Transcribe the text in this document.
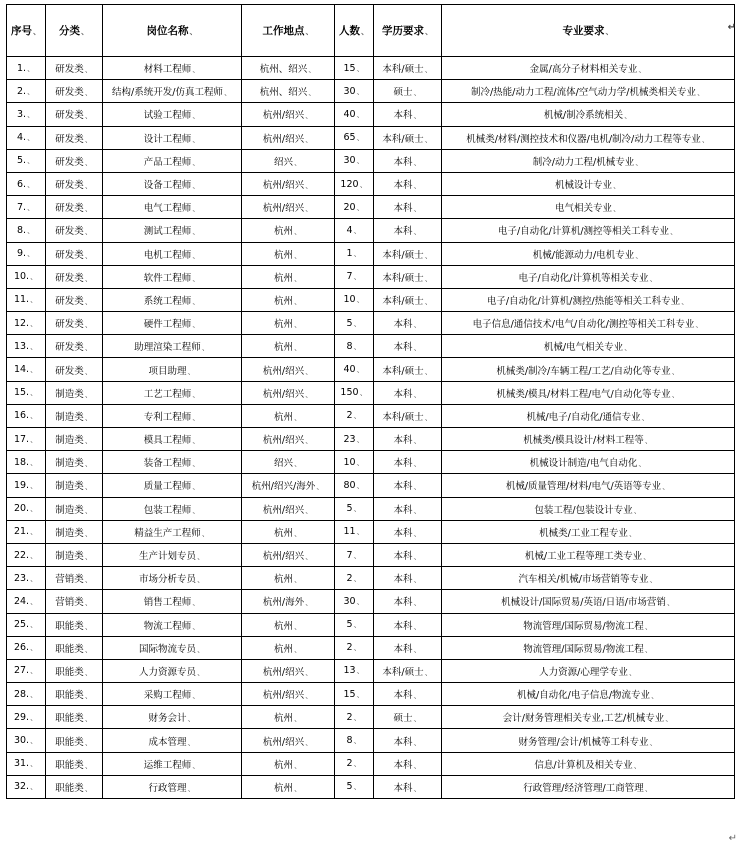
序号、	分类、	岗位名称、	工作地点、	人数、	学历要求、	专业要求、 ↵

1.、	研发类、	材料工程师、	杭州、绍兴、	15、	本科/硕士、	金属/高分子材料相关专业、
2.、	研发类、	结构/系统开发/仿真工程师、	杭州、绍兴、	30、	硕士、	制冷/热能/动力工程/流体/空气动力学/机械类相关专业、
3.、	研发类、	试验工程师、	杭州/绍兴、	40、	本科、	机械/制冷系统相关、
4.、	研发类、	设计工程师、	杭州/绍兴、	65、	本科/硕士、	机械类/材料/测控技术和仪器/电机/制冷/动力工程等专业、
5.、	研发类、	产品工程师、	绍兴、	30、	本科、	制冷/动力工程/机械专业、
6.、	研发类、	设备工程师、	杭州/绍兴、	120、	本科、	机械设计专业、
7.、	研发类、	电气工程师、	杭州/绍兴、	20、	本科、	电气相关专业、
8.、	研发类、	测试工程师、	杭州、	4、	本科、	电子/自动化/计算机/测控等相关工科专业、
9.、	研发类、	电机工程师、	杭州、	1、	本科/硕士、	机械/能源动力/电机专业、
10.、	研发类、	软件工程师、	杭州、	7、	本科/硕士、	电子/自动化/计算机等相关专业、
11.、	研发类、	系统工程师、	杭州、	10、	本科/硕士、	电子/自动化/计算机/测控/热能等相关工科专业、
12.、	研发类、	硬件工程师、	杭州、	5、	本科、	电子信息/通信技术/电气/自动化/测控等相关工科专业、
13.、	研发类、	助理渲染工程师、	杭州、	8、	本科、	机械/电气相关专业、
14.、	研发类、	项目助理、	杭州/绍兴、	40、	本科/硕士、	机械类/制冷/车辆工程/工艺/自动化等专业、
15.、	制造类、	工艺工程师、	杭州/绍兴、	150、	本科、	机械类/模具/材料工程/电气/自动化等专业、
16.、	制造类、	专利工程师、	杭州、	2、	本科/硕士、	机械/电子/自动化/通信专业、
17.、	制造类、	模具工程师、	杭州/绍兴、	23、	本科、	机械类/模具设计/材料工程等、
18.、	制造类、	装备工程师、	绍兴、	10、	本科、	机械设计制造/电气自动化、
19.、	制造类、	质量工程师、	杭州/绍兴/海外、	80、	本科、	机械/质量管理/材料/电气/英语等专业、
20.、	制造类、	包装工程师、	杭州/绍兴、	5、	本科、	包装工程/包装设计专业、
21.、	制造类、	精益生产工程师、	杭州、	11、	本科、	机械类/工业工程专业、
22.、	制造类、	生产计划专员、	杭州/绍兴、	7、	本科、	机械/工业工程等理工类专业、
23.、	营销类、	市场分析专员、	杭州、	2、	本科、	汽车相关/机械/市场营销等专业、
24.、	营销类、	销售工程师、	杭州/海外、	30、	本科、	机械设计/国际贸易/英语/日语/市场营销、
25.、	职能类、	物流工程师、	杭州、	5、	本科、	物流管理/国际贸易/物流工程、
26.、	职能类、	国际物流专员、	杭州、	2、	本科、	物流管理/国际贸易/物流工程、
27.、	职能类、	人力资源专员、	杭州/绍兴、	13、	本科/硕士、	人力资源/心理学专业、
28.、	职能类、	采购工程师、	杭州/绍兴、	15、	本科、	机械/自动化/电子信息/物流专业、
29.、	职能类、	财务会计、	杭州、	2、	硕士、	会计/财务管理相关专业,工艺/机械专业、
30.、	职能类、	成本管理、	杭州/绍兴、	8、	本科、	财务管理/会计/机械等工科专业、
31.、	职能类、	运维工程师、	杭州、	2、	本科、	信息/计算机及相关专业、
32.、	职能类、	行政管理、	杭州、	5、	本科、	行政管理/经济管理/工商管理、
↵
